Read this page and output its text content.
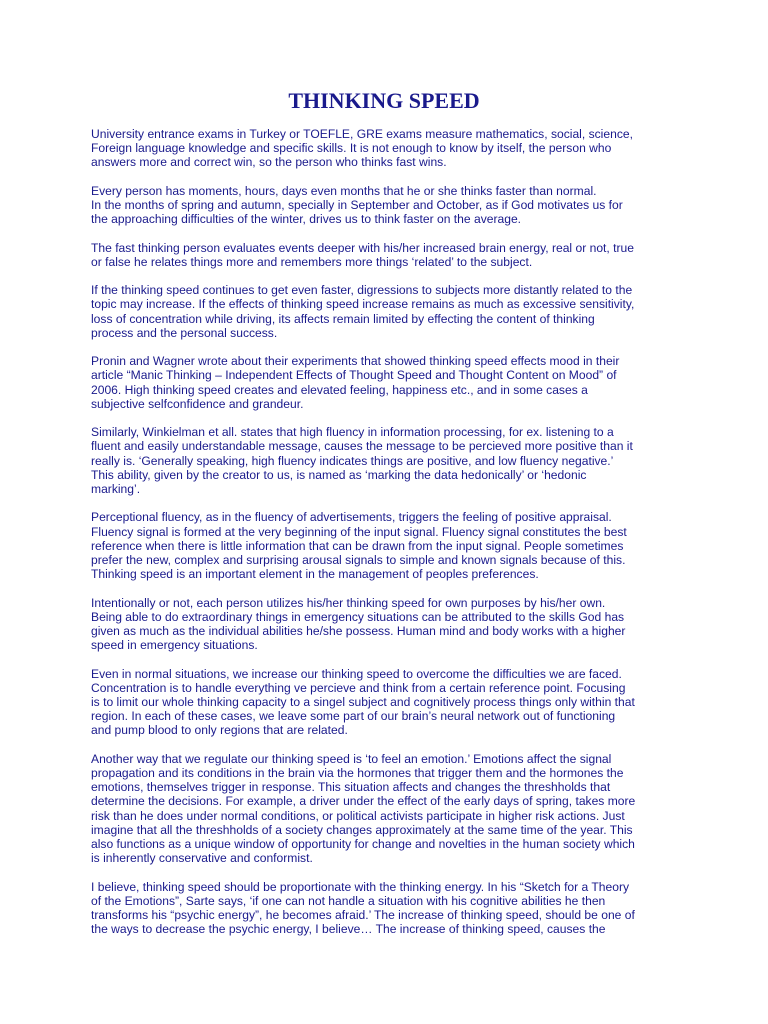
THINKING SPEED

University entrance exams in Turkey or TOEFLE, GRE exams measure mathematics, social, science,
Foreign language knowledge and specific skills. It is not enough to know by itself, the person who
answers more and correct win, so the person who thinks fast wins.

Every person has moments, hours, days even months that he or she thinks faster than normal.
In the months of spring and autumn, specially in September and October, as if God motivates us for
the approaching difficulties of the winter, drives us to think faster on the average.

The fast thinking person evaluates events deeper with his/her increased brain energy, real or not, true
or false he relates things more and remembers more things ‘related’ to the subject.

If the thinking speed continues to get even faster, digressions to subjects more distantly related to the
topic may increase. If the effects of thinking speed increase remains as much as excessive sensitivity,
loss of concentration while driving, its affects remain limited by effecting the content of thinking
process and the personal success.

Pronin and Wagner wrote about their experiments that showed thinking speed effects mood in their
article “Manic Thinking – Independent Effects of Thought Speed and Thought Content on Mood” of
2006. High thinking speed creates and elevated feeling, happiness etc., and in some cases a
subjective selfconfidence and grandeur.

Similarly, Winkielman et all. states that high fluency in information processing, for ex. listening to a
fluent and easily understandable message, causes the message to be percieved more positive than it
really is. ‘Generally speaking, high fluency indicates things are positive, and low fluency negative.’
This ability, given by the creator to us, is named as ‘marking the data hedonically’ or ‘hedonic
marking’.

Perceptional fluency, as in the fluency of advertisements, triggers the feeling of positive appraisal.
Fluency signal is formed at the very beginning of the input signal. Fluency signal constitutes the best
reference when there is little information that can be drawn from the input signal. People sometimes
prefer the new, complex and surprising arousal signals to simple and known signals because of this.
Thinking speed is an important element in the management of peoples preferences.

Intentionally or not, each person utilizes his/her thinking speed for own purposes by his/her own.
Being able to do extraordinary things in emergency situations can be attributed to the skills God has
given as much as the individual abilities he/she possess. Human mind and body works with a higher
speed in emergency situations.

Even in normal situations, we increase our thinking speed to overcome the difficulties we are faced.
Concentration is to handle everything ve percieve and think from a certain reference point. Focusing
is to limit our whole thinking capacity to a singel subject and cognitively process things only within that
region. In each of these cases, we leave some part of our brain’s neural network out of functioning
and pump blood to only regions that are related.

Another way that we regulate our thinking speed is ‘to feel an emotion.’ Emotions affect the signal
propagation and its conditions in the brain via the hormones that trigger them and the hormones the
emotions, themselves trigger in response. This situation affects and changes the threshholds that
determine the decisions. For example, a driver under the effect of the early days of spring, takes more
risk than he does under normal conditions, or political activists participate in higher risk actions. Just
imagine that all the threshholds of a society changes approximately at the same time of the year. This
also functions as a unique window of opportunity for change and novelties in the human society which
is inherently conservative and conformist.

I believe, thinking speed should be proportionate with the thinking energy. In his “Sketch for a Theory
of the Emotions”, Sarte says, ‘if one can not handle a situation with his cognitive abilities he then
transforms his “psychic energy”, he becomes afraid.’ The increase of thinking speed, should be one of
the ways to decrease the psychic energy, I believe… The increase of thinking speed, causes the
